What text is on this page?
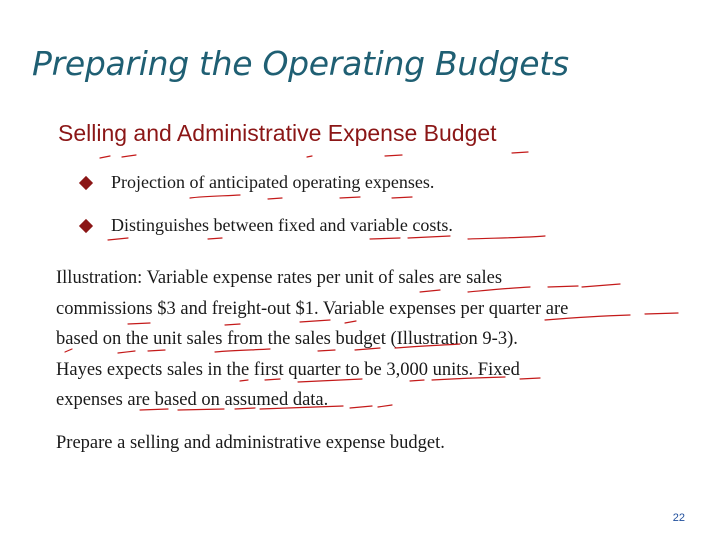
Preparing the Operating Budgets
Selling and Administrative Expense Budget
Projection of anticipated operating expenses.
Distinguishes between fixed and variable costs.

Illustration: Variable expense rates per unit of sales are sales

commissions $3 and freight-out $1. Variable expenses per quarter are

based on the unit sales from the sales budget (Illustration 9-3).

Hayes expects sales in the first quarter to be 3,000 units. Fixed

expenses are based on assumed data.

Prepare a selling and administrative expense budget.

22
